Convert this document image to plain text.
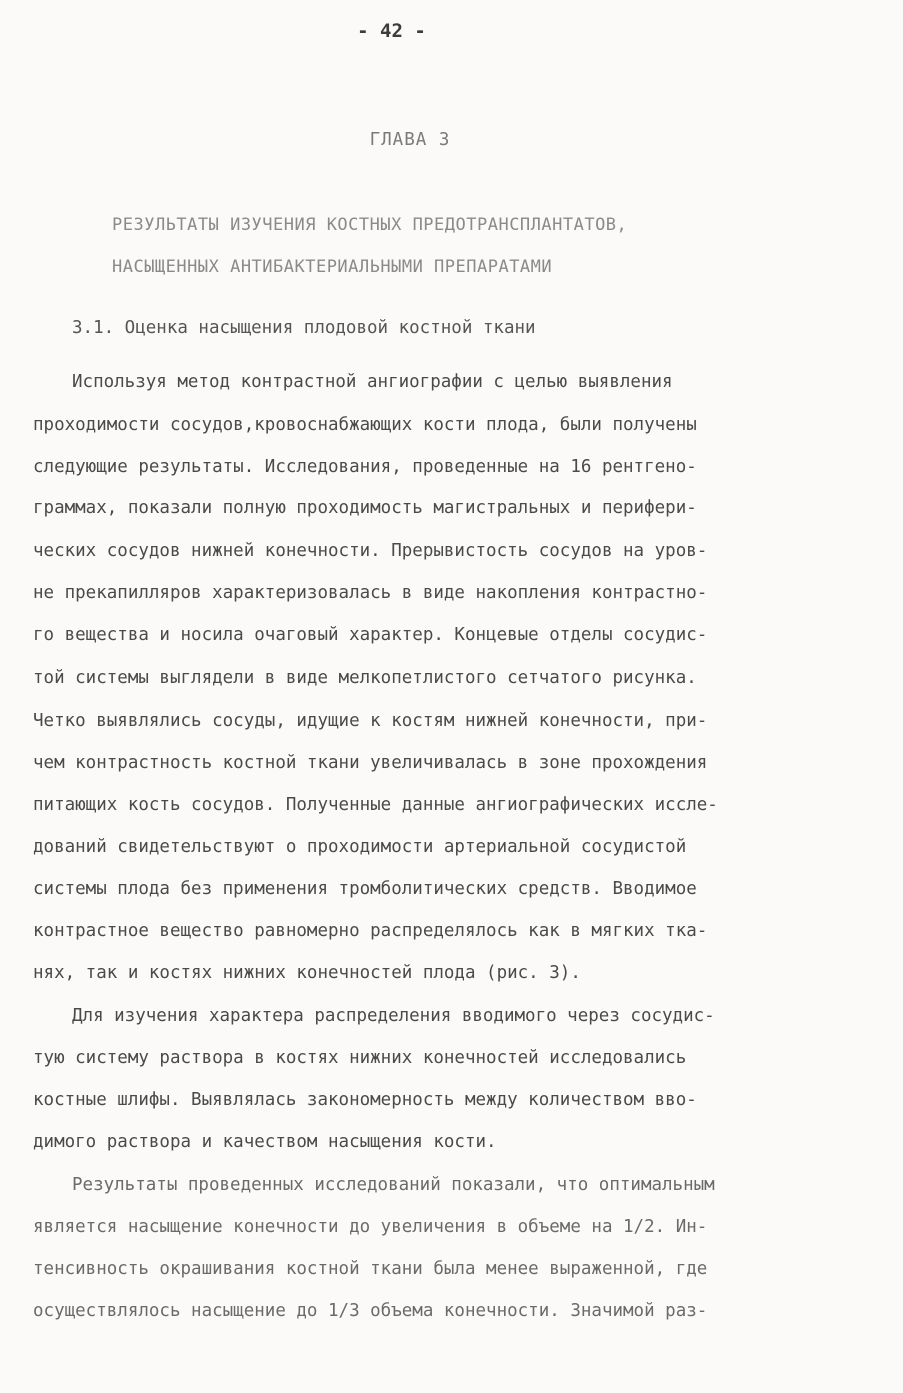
- 42 -
ГЛАВА 3
РЕЗУЛЬТАТЫ ИЗУЧЕНИЯ КОСТНЫХ ПРЕДОТРАНСПЛАНТАТОВ,
НАСЫЩЕННЫХ АНТИБАКТЕРИАЛЬНЫМИ ПРЕПАРАТАМИ
3.1. Оценка насыщения плодовой костной ткани
Используя метод контрастной ангиографии с целью выявления
проходимости сосудов,кровоснабжающих кости плода, были получены
следующие результаты. Исследования, проведенные на 16 рентгено-
граммах, показали полную проходимость магистральных и перифери-
ческих сосудов нижней конечности. Прерывистость сосудов на уров-
не прекапилляров характеризовалась в виде накопления контрастно-
го вещества и носила очаговый характер. Концевые отделы сосудис-
той системы выглядели в виде мелкопетлистого сетчатого рисунка.
Четко выявлялись сосуды, идущие к костям нижней конечности, при-
чем контрастность костной ткани увеличивалась в зоне прохождения
питающих кость сосудов. Полученные данные ангиографических иссле-
дований свидетельствуют о проходимости артериальной сосудистой
системы плода без применения тромболитических средств. Вводимое
контрастное вещество равномерно распределялось как в мягких тка-
нях, так и костях нижних конечностей плода (рис. 3).
Для изучения характера распределения вводимого через сосудис-
тую систему раствора в костях нижних конечностей исследовались
костные шлифы. Выявлялась закономерность между количеством вво-
димого раствора и качеством насыщения кости.
Результаты проведенных исследований показали, что оптимальным
является насыщение конечности до увеличения в объеме на 1/2. Ин-
тенсивность окрашивания костной ткани была менее выраженной, где
осуществлялось насыщение до 1/3 объема конечности. Значимой раз-
